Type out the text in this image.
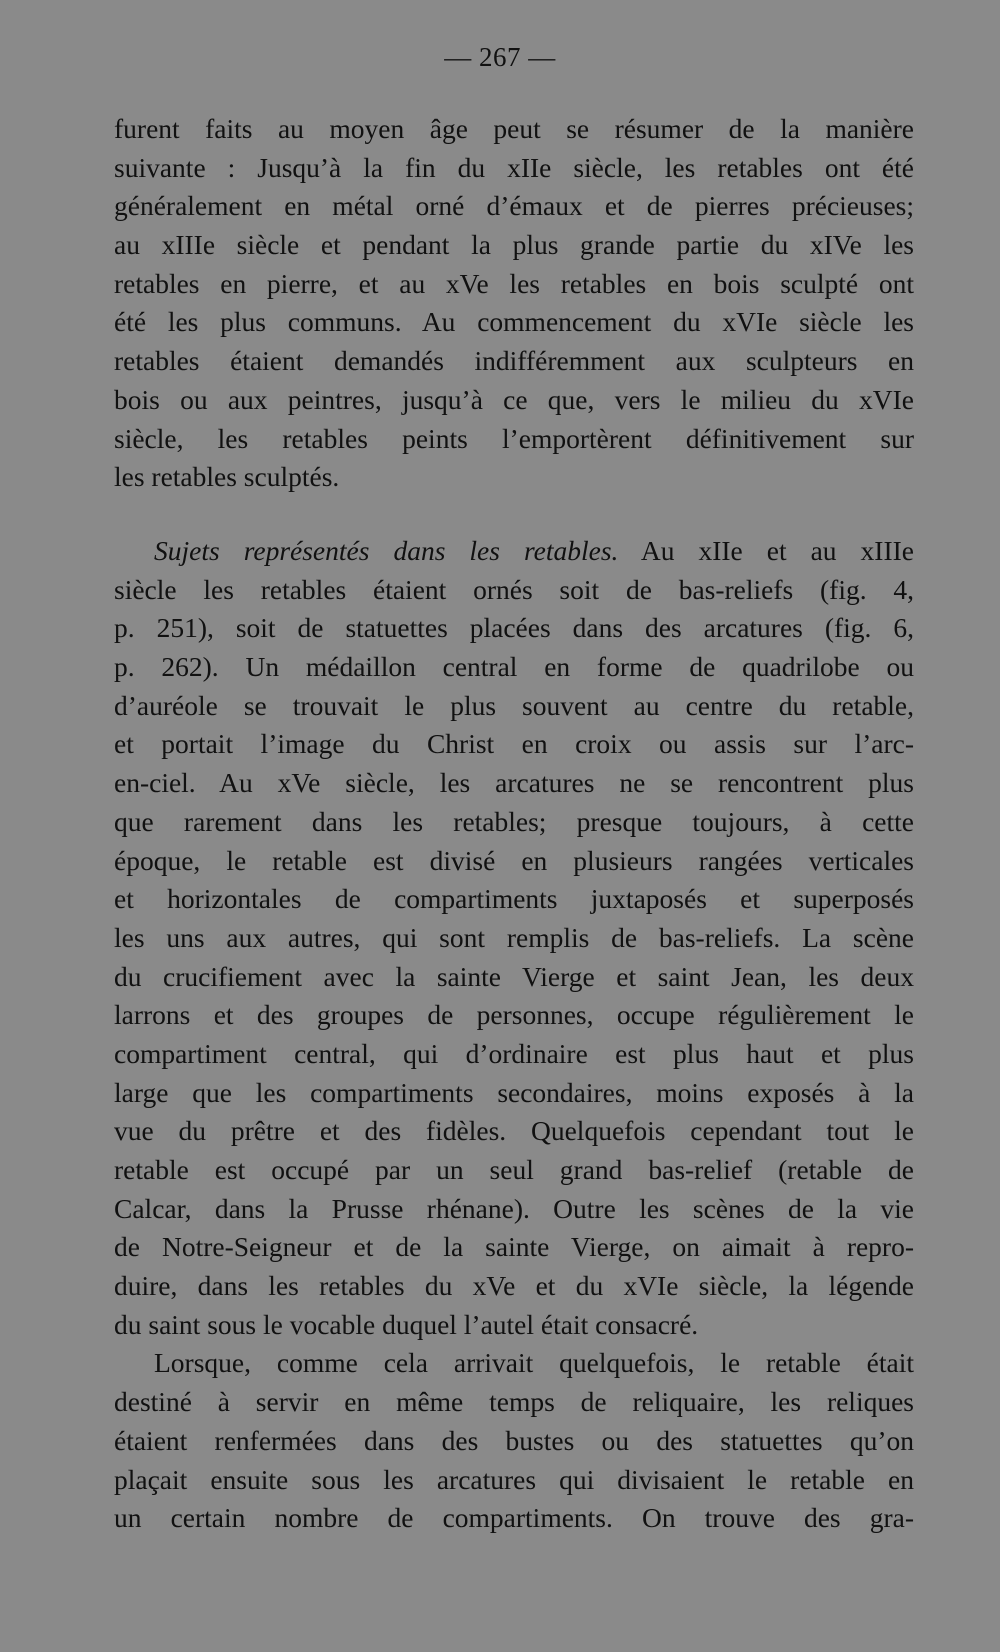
— 267 —
furent faits au moyen âge peut se résumer de la manière
suivante : Jusqu’à la fin du xIIe siècle, les retables ont été
généralement en métal orné d’émaux et de pierres précieuses;
au xIIIe siècle et pendant la plus grande partie du xIVe les
retables en pierre, et au xVe les retables en bois sculpté ont
été les plus communs. Au commencement du xVIe siècle les
retables étaient demandés indifféremment aux sculpteurs en
bois ou aux peintres, jusqu’à ce que, vers le milieu du xVIe
siècle, les retables peints l’emportèrent définitivement sur
les retables sculptés.
Sujets représentés dans les retables. Au xIIe et au xIIIe
siècle les retables étaient ornés soit de bas-reliefs (fig. 4,
p. 251), soit de statuettes placées dans des arcatures (fig. 6,
p. 262). Un médaillon central en forme de quadrilobe ou
d’auréole se trouvait le plus souvent au centre du retable,
et portait l’image du Christ en croix ou assis sur l’arc-
en-ciel. Au xVe siècle, les arcatures ne se rencontrent plus
que rarement dans les retables; presque toujours, à cette
époque, le retable est divisé en plusieurs rangées verticales
et horizontales de compartiments juxtaposés et superposés
les uns aux autres, qui sont remplis de bas-reliefs. La scène
du crucifiement avec la sainte Vierge et saint Jean, les deux
larrons et des groupes de personnes, occupe régulièrement le
compartiment central, qui d’ordinaire est plus haut et plus
large que les compartiments secondaires, moins exposés à la
vue du prêtre et des fidèles. Quelquefois cependant tout le
retable est occupé par un seul grand bas-relief (retable de
Calcar, dans la Prusse rhénane). Outre les scènes de la vie
de Notre-Seigneur et de la sainte Vierge, on aimait à repro-
duire, dans les retables du xVe et du xVIe siècle, la légende
du saint sous le vocable duquel l’autel était consacré.
Lorsque, comme cela arrivait quelquefois, le retable était
destiné à servir en même temps de reliquaire, les reliques
étaient renfermées dans des bustes ou des statuettes qu’on
plaçait ensuite sous les arcatures qui divisaient le retable en
un certain nombre de compartiments. On trouve des gra-
